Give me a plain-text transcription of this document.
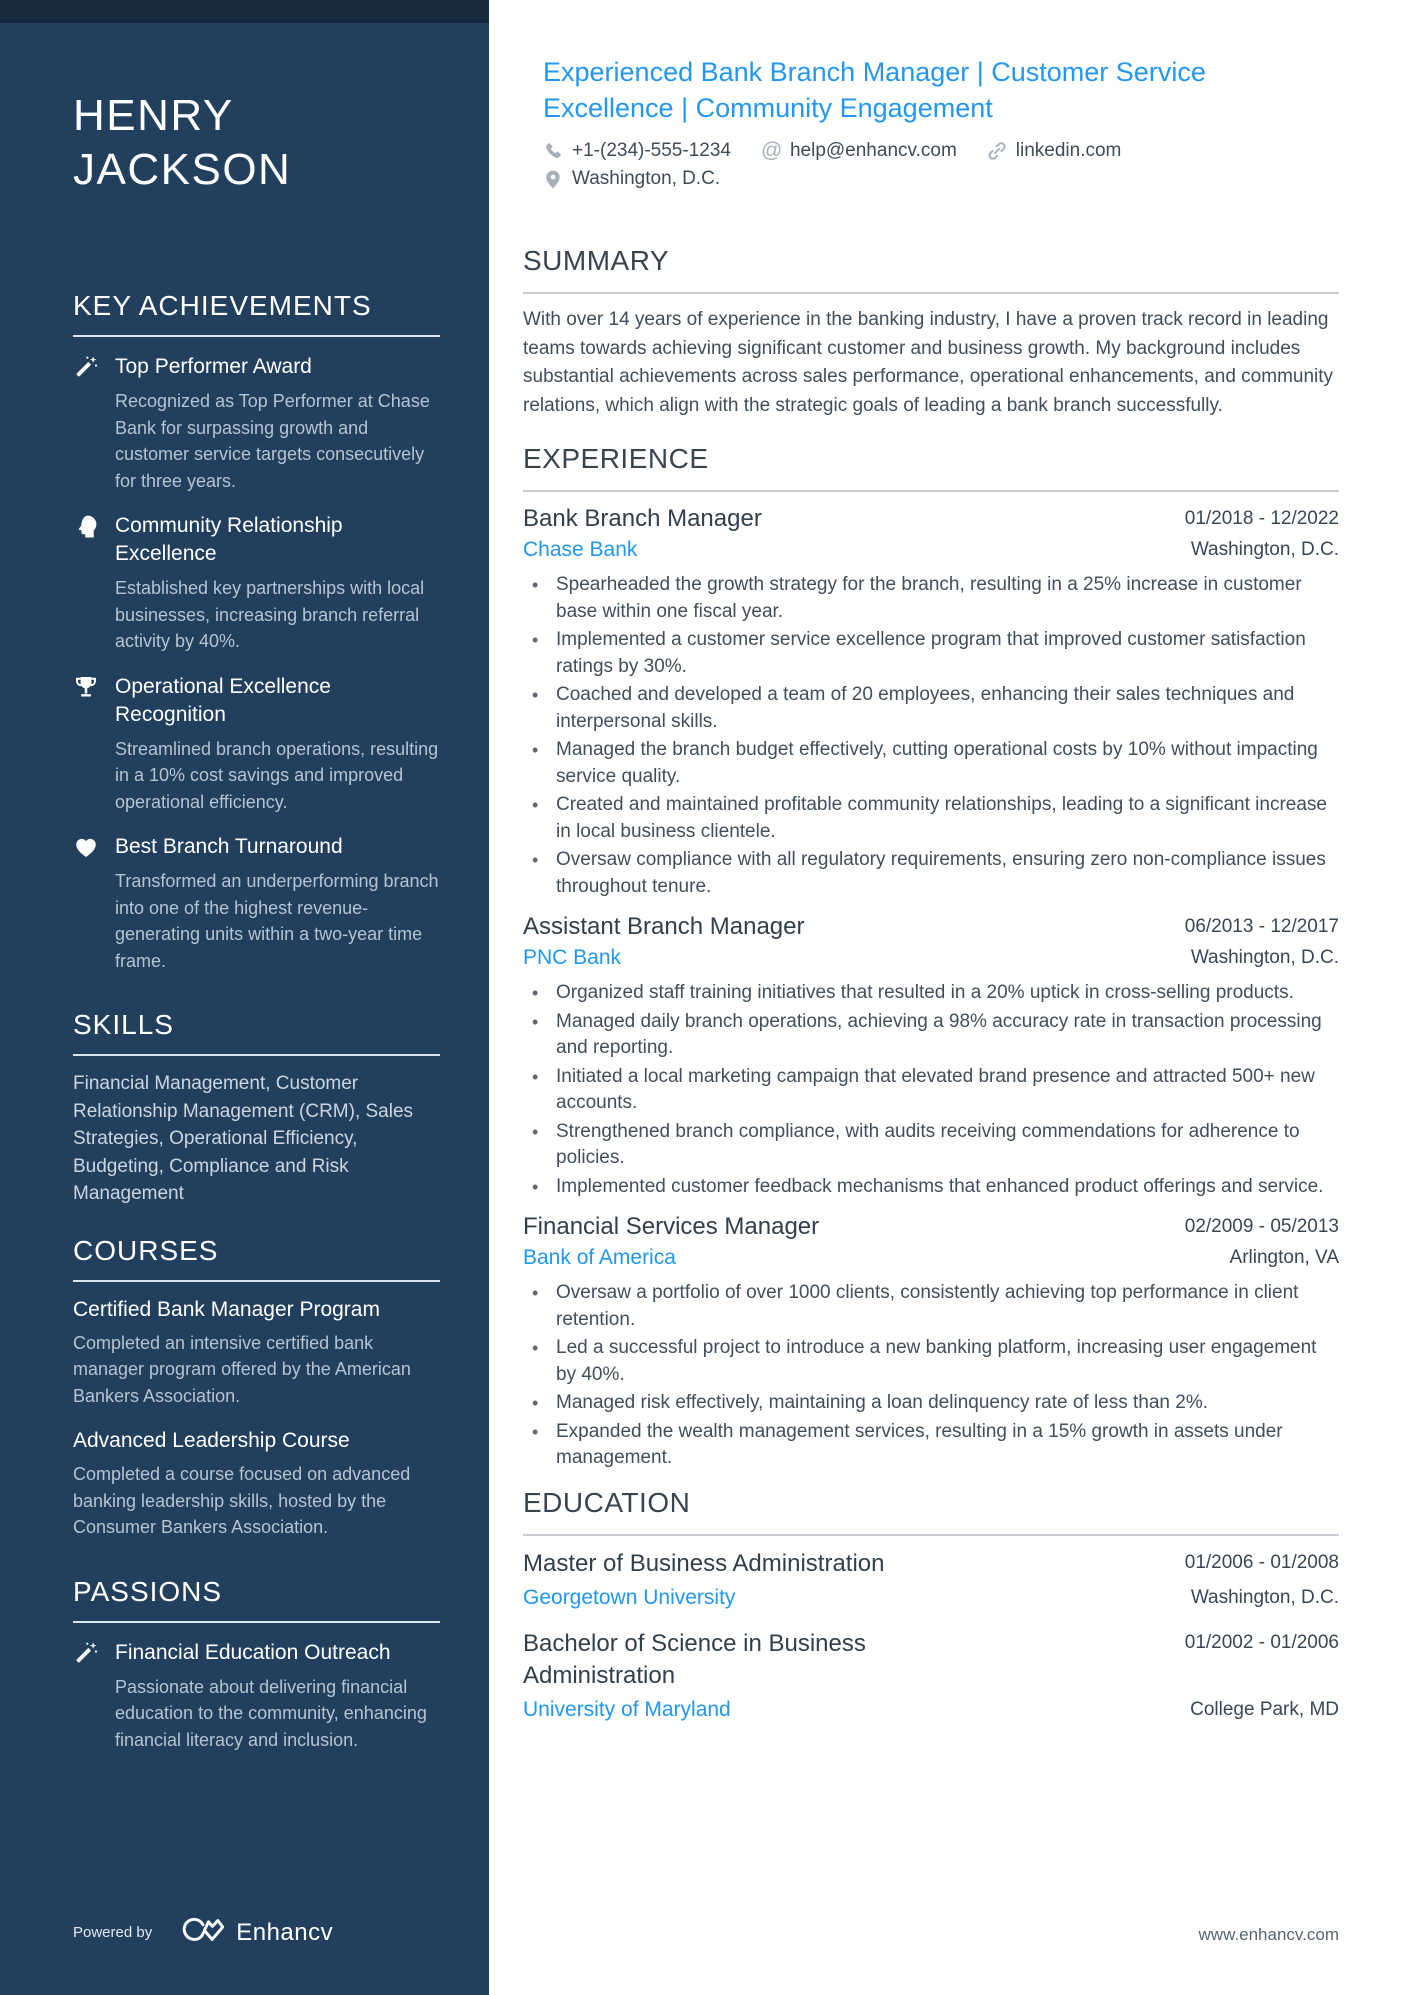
HENRY JACKSON
KEY ACHIEVEMENTS
Top Performer Award
Recognized as Top Performer at Chase Bank for surpassing growth and customer service targets consecutively for three years.
Community Relationship Excellence
Established key partnerships with local businesses, increasing branch referral activity by 40%.
Operational Excellence Recognition
Streamlined branch operations, resulting in a 10% cost savings and improved operational efficiency.
Best Branch Turnaround
Transformed an underperforming branch into one of the highest revenue-generating units within a two-year time frame.
SKILLS
Financial Management, Customer Relationship Management (CRM), Sales Strategies, Operational Efficiency, Budgeting, Compliance and Risk Management
COURSES
Certified Bank Manager Program
Completed an intensive certified bank manager program offered by the American Bankers Association.
Advanced Leadership Course
Completed a course focused on advanced banking leadership skills, hosted by the Consumer Bankers Association.
PASSIONS
Financial Education Outreach
Passionate about delivering financial education to the community, enhancing financial literacy and inclusion.
Powered by	Enhancv
Experienced Bank Branch Manager | Customer Service Excellence | Community Engagement
+1-(234)-555-1234 @ help@enhancv.com	linkedin.com
Washington, D.C.
SUMMARY

With over 14 years of experience in the banking industry, I have a proven track record in leading teams towards achieving significant customer and business growth. My background includes substantial achievements across sales performance, operational enhancements, and community relations, which align with the strategic goals of leading a bank branch successfully.

EXPERIENCE
Bank Branch Manager	01/2018 - 12/2022
Chase Bank	Washington, D.C.
• Spearheaded the growth strategy for the branch, resulting in a 25% increase in customer base within one fiscal year.
• Implemented a customer service excellence program that improved customer satisfaction ratings by 30%.
• Coached and developed a team of 20 employees, enhancing their sales techniques and interpersonal skills.
• Managed the branch budget effectively, cutting operational costs by 10% without impacting service quality.
• Created and maintained profitable community relationships, leading to a significant increase in local business clientele.
• Oversaw compliance with all regulatory requirements, ensuring zero non-compliance issues throughout tenure.
Assistant Branch Manager	06/2013 - 12/2017
PNC Bank	Washington, D.C.
• Organized staff training initiatives that resulted in a 20% uptick in cross-selling products.
• Managed daily branch operations, achieving a 98% accuracy rate in transaction processing and reporting.
• Initiated a local marketing campaign that elevated brand presence and attracted 500+ new accounts.
• Strengthened branch compliance, with audits receiving commendations for adherence to policies.
• Implemented customer feedback mechanisms that enhanced product offerings and service.
Financial Services Manager	02/2009 - 05/2013
Bank of America	Arlington, VA
• Oversaw a portfolio of over 1000 clients, consistently achieving top performance in client retention.
• Led a successful project to introduce a new banking platform, increasing user engagement by 40%.
• Managed risk effectively, maintaining a loan delinquency rate of less than 2%.
• Expanded the wealth management services, resulting in a 15% growth in assets under management.
EDUCATION
Master of Business Administration	01/2006 - 01/2008
Georgetown University	Washington, D.C.
Bachelor of Science in Business Administration
01/2002 - 01/2006
University of Maryland	College Park, MD
www.enhancv.com
